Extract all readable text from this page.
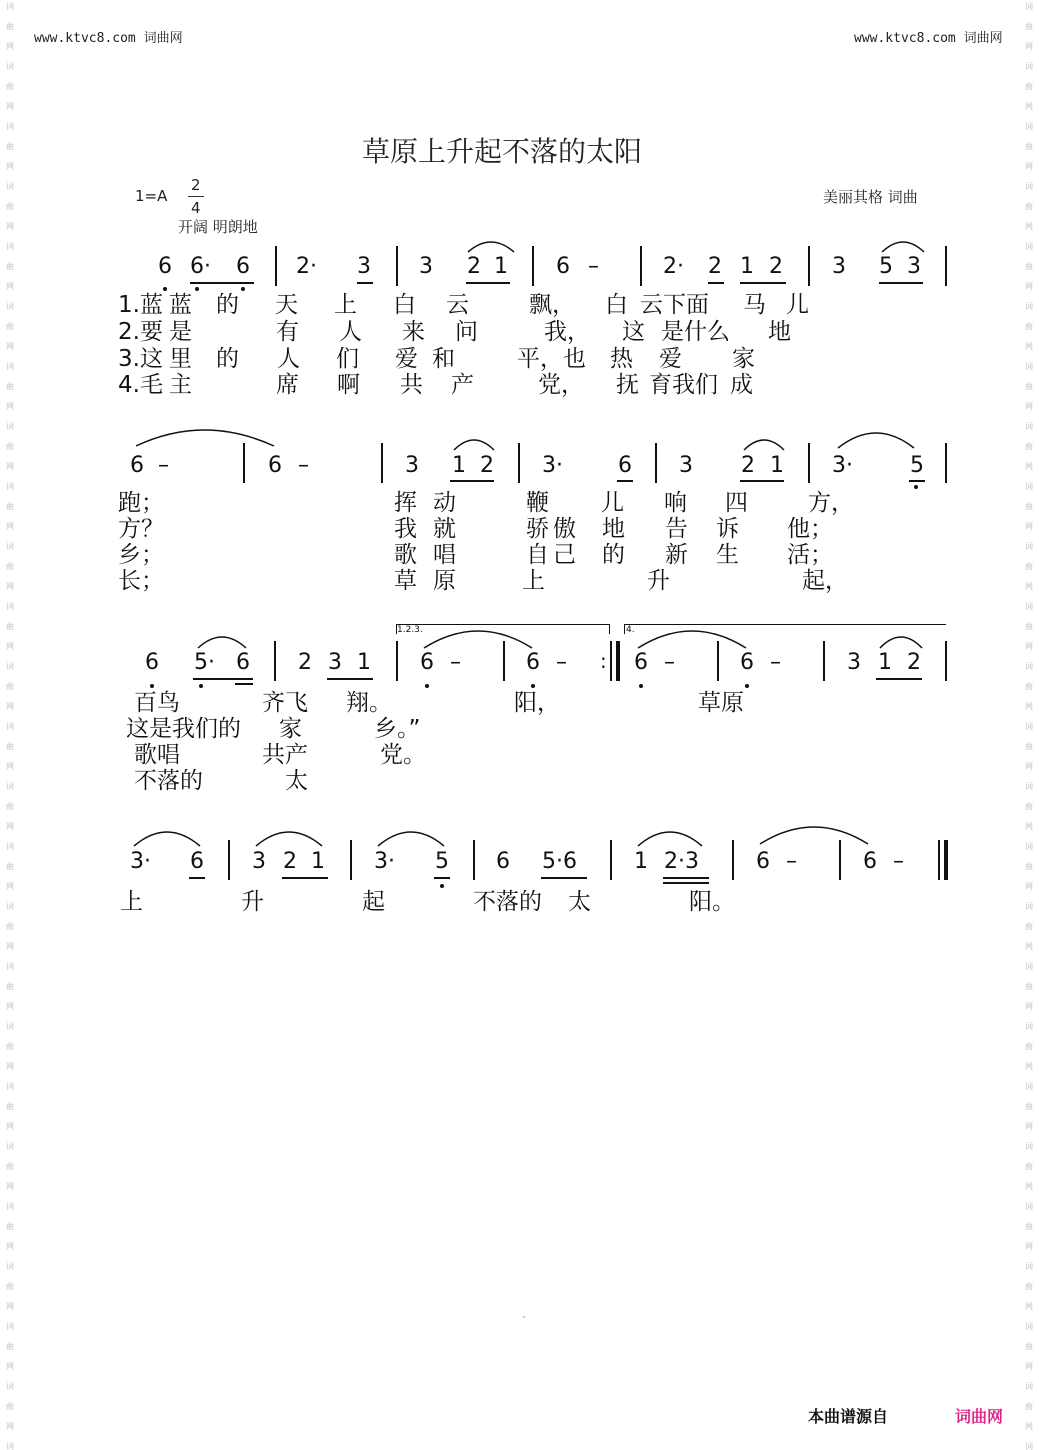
词
曲
网
词
曲
网
词
曲
网
词
曲
网
词
曲
网
词
曲
网
词
曲
网
词
曲
网
词
曲
网
词
曲
网
词
曲
网
词
曲
网
词
曲
网
词
曲
网
词
曲
网
词
曲
网
词
曲
网
词
曲
网
词
曲
网
词
曲
网
词
曲
网
词
曲
网
词
曲
网
词
曲
网
词
词
曲
网
词
曲
网
词
曲
网
词
曲
网
词
曲
网
词
曲
网
词
曲
网
词
曲
网
词
曲
网
词
曲
网
词
曲
网
词
曲
网
词
曲
网
词
曲
网
词
曲
网
词
曲
网
词
曲
网
词
曲
网
词
曲
网
词
曲
网
词
曲
网
词
曲
网
词
曲
网
词
曲
网
词
www.ktvc8.com 词曲网	www.ktvc8.com 词曲网
草原上升起不落的太阳
1=A
2
4
开阔 明朗地
美丽其格 词曲
6 6· 6 2· 3 3 2 1 6 –	2· 2 1 2 3 5 3
1.蓝 蓝 的 天 上 白 云	飘， 白 云下面 马 儿
2.要 是	有 人 来 问	我， 这 是什么 地
3.这 里 的 人 们 爱 和	平，也 热 爱 家
4.毛 主	席 啊 共 产	党， 抚 育我们 成
6 –	6 –	3 1 2 3·	6 3 2 1 3·	5
跑；	挥 动	鞭 儿 响 四	方，
方？	我 就	骄 傲 地 告 诉 他；
乡；	歌 唱	自 己 的 新 生 活；
长；	草 原	上	升	起，
1.2.3.	4.
6 5· 6 2 3 1 6 –	6 – : 6 –	6 –	3 1 2
百鸟	齐飞 翔。	阳，	草原
这是我们的 家	乡。”
歌唱	共产	党。
不落的	太
3· 6 3 2 1 3· 5 6 5·6	1 2·3	6 –	6 –
上	升	起	不落的 太	阳。
-
本曲谱源自	词曲网
